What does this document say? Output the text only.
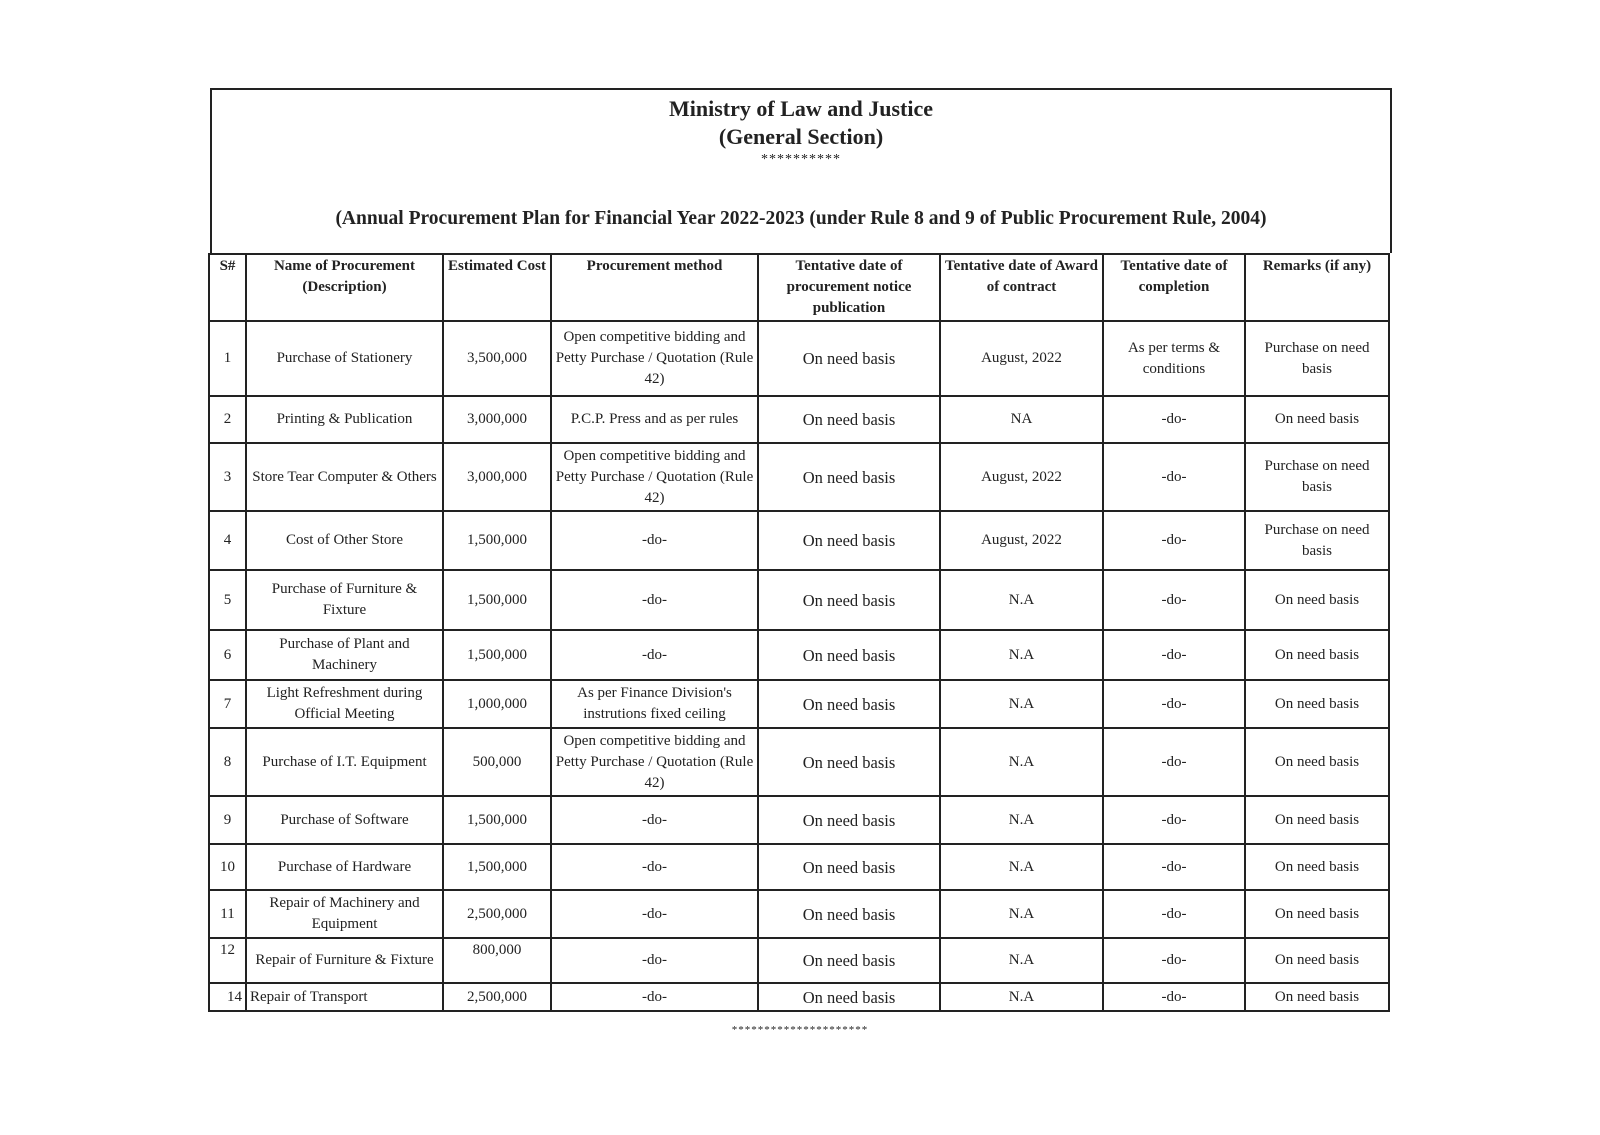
Ministry of Law and Justice
(General Section)
**********
(Annual Procurement Plan for Financial Year 2022-2023 (under Rule 8 and 9 of Public Procurement Rule, 2004)
S#	Name of Procurement (Description)	Estimated Cost	Procurement method	Tentative date of procurement notice publication	Tentative date of Award of contract	Tentative date of completion	Remarks (if any)
1	Purchase of Stationery	3,500,000	Open competitive bidding and Petty Purchase / Quotation (Rule 42)	On need basis	August, 2022	As per terms & conditions	Purchase on need basis
2	Printing & Publication	3,000,000	P.C.P. Press and as per rules	On need basis	NA	-do-	On need basis
3	Store Tear Computer & Others	3,000,000	Open competitive bidding and Petty Purchase / Quotation (Rule 42)	On need basis	August, 2022	-do-	Purchase on need basis
4	Cost of Other Store	1,500,000	-do-	On need basis	August, 2022	-do-	Purchase on need basis
5	Purchase of Furniture & Fixture	1,500,000	-do-	On need basis	N.A	-do-	On need basis
6	Purchase of Plant and Machinery	1,500,000	-do-	On need basis	N.A	-do-	On need basis
7	Light Refreshment during Official Meeting	1,000,000	As per Finance Division's instrutions fixed ceiling	On need basis	N.A	-do-	On need basis
8	Purchase of I.T. Equipment	500,000	Open competitive bidding and Petty Purchase / Quotation (Rule 42)	On need basis	N.A	-do-	On need basis
9	Purchase of Software	1,500,000	-do-	On need basis	N.A	-do-	On need basis
10	Purchase of Hardware	1,500,000	-do-	On need basis	N.A	-do-	On need basis
11	Repair of Machinery and Equipment	2,500,000	-do-	On need basis	N.A	-do-	On need basis
12	Repair of Furniture & Fixture	800,000	-do-	On need basis	N.A	-do-	On need basis
14	Repair of Transport	2,500,000	-do-	On need basis	N.A	-do-	On need basis
*********************
